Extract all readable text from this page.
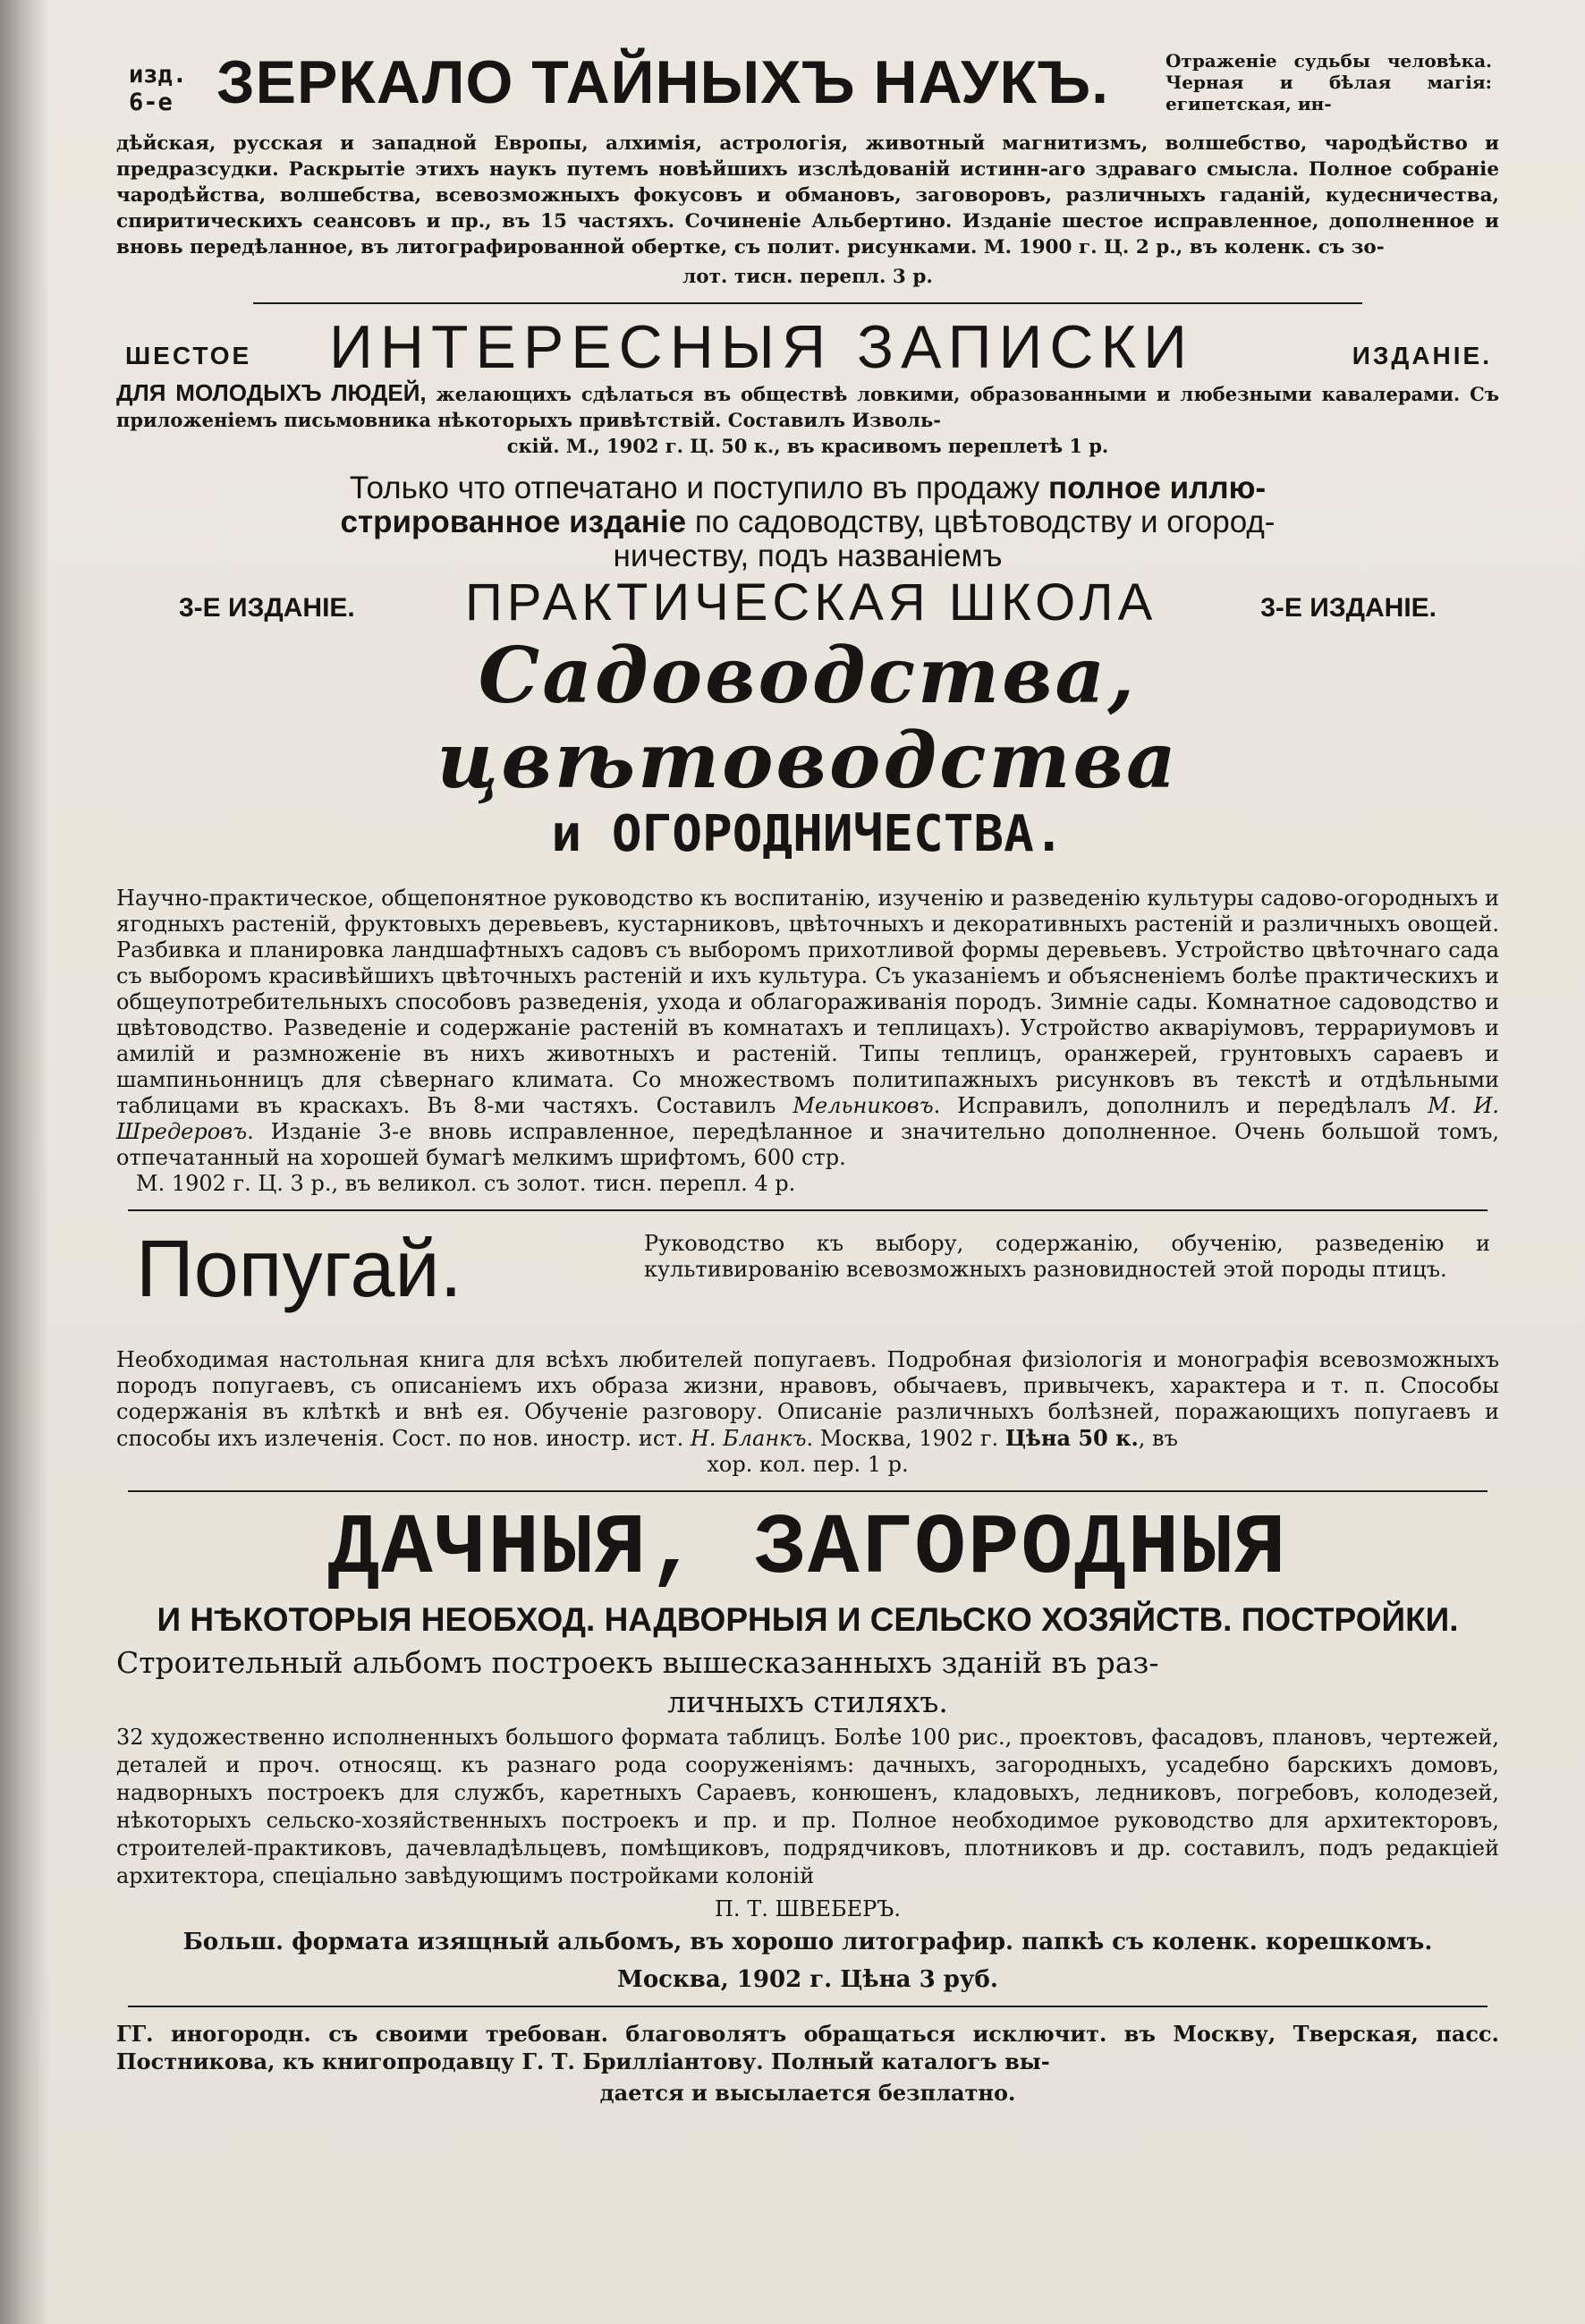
изд.
6-е ЗЕРКАЛО ТАЙНЫХЪ НАУКЪ.	Отраженіе судьбы человѣка. Черная и бѣлая магія: египетская, ин-
дѣйская, русская и западной Европы, алхимія, астрологія, животный магнитизмъ, волшебство, чародѣйство и предразсудки. Раскрытіе этихъ наукъ путемъ новѣйшихъ изслѣдованій истинн-аго здраваго смысла. Полное собраніе чародѣйства, волшебства, всевозможныхъ фокусовъ и обмановъ, заговоровъ, различныхъ гаданій, кудесничества, спиритическихъ сеансовъ и пр., въ 15 частяхъ. Сочиненіе Альбертино. Изданіе шестое исправленное, дополненное и вновь передѣланное, въ литографированной обертке, съ полит. рисунками. М. 1900 г. Ц. 2 р., въ коленк. съ зо-
лот. тисн. перепл. 3 р.
ШЕСТОЕ ИНТЕРЕСНЫЯ ЗАПИСКИ	ИЗДАНІЕ.
ДЛЯ МОЛОДЫХЪ ЛЮДЕЙ, желающихъ сдѣлаться въ обществѣ ловкими, образованными и любезными кавалерами. Съ приложеніемъ письмовника нѣкоторыхъ привѣтствій. Составилъ Изволь-
скій. М., 1902 г. Ц. 50 к., въ красивомъ переплетѣ 1 р.
Только что отпечатано и поступило въ продажу полное иллю-
стрированное изданіе по садоводству, цвѣтоводству и огород-
ничеству, подъ названіемъ
3-Е ИЗДАНІЕ. ПРАКТИЧЕСКАЯ ШКОЛА	3-Е ИЗДАНІЕ.
Садоводства, цвѣтоводства
и ОГОРОДНИЧЕСТВА.
Научно-практическое, общепонятное руководство къ воспитанію, изученію и разведенію культуры садово-огородныхъ и ягодныхъ растеній, фруктовыхъ деревьевъ, кустарниковъ, цвѣточныхъ и декоративныхъ растеній и различныхъ овощей. Разбивка и планировка ландшафтныхъ садовъ съ выборомъ прихотливой формы деревьевъ. Устройство цвѣточнаго сада съ выборомъ красивѣйшихъ цвѣточныхъ растеній и ихъ культура. Съ указаніемъ и объясненіемъ болѣе практическихъ и общеупотребительныхъ способовъ разведенія, ухода и облагораживанія породъ. Зимніе сады. Комнатное садоводство и цвѣтоводство. Разведеніе и содержаніе растеній въ комнатахъ и теплицахъ). Устройство акваріумовъ, террариумовъ и амилій и размноженіе въ нихъ животныхъ и растеній. Типы теплицъ, оранжерей, грунтовыхъ сараевъ и шампиньонницъ для сѣвернаго климата. Со множествомъ политипажныхъ рисунковъ въ текстѣ и отдѣльными таблицами въ краскахъ. Въ 8-ми частяхъ. Составилъ Мельниковъ. Исправилъ, дополнилъ и передѣлалъ М. И. Шредеровъ. Изданіе 3-е вновь исправленное, передѣланное и значительно дополненное. Очень большой томъ, отпечатанный на хорошей бумагѣ мелкимъ шрифтомъ, 600 стр.
М. 1902 г. Ц. 3 р., въ великол. съ золот. тисн. перепл. 4 р.
Попугай.	Руководство къ выбору, содержанію, обученію, разведенію и культивированію всевозможныхъ разновидностей этой породы птицъ.
Необходимая настольная книга для всѣхъ любителей попугаевъ. Подробная физіологія и монографія всевозможныхъ породъ попугаевъ, съ описаніемъ ихъ образа жизни, нравовъ, обычаевъ, привычекъ, характера и т. п. Способы содержанія въ клѣткѣ и внѣ ея. Обученіе разговору. Описаніе различныхъ болѣзней, поражающихъ попугаевъ и способы ихъ излеченія. Сост. по нов. иностр. ист. Н. Бланкъ. Москва, 1902 г. Цѣна 50 к., въ
хор. кол. пер. 1 р.
ДАЧНЫЯ, ЗАГОРОДНЫЯ
И НѢКОТОРЫЯ НЕОБХОД. НАДВОРНЫЯ И СЕЛЬСКО ХОЗЯЙСТВ. ПОСТРОЙКИ.
Строительный альбомъ построекъ вышесказанныхъ зданій въ раз-
личныхъ стиляхъ.
32 художественно исполненныхъ большого формата таблицъ. Болѣе 100 рис., проектовъ, фасадовъ, плановъ, чертежей, деталей и проч. относящ. къ разнаго рода сооруженіямъ: дачныхъ, загородныхъ, усадебно барскихъ домовъ, надворныхъ построекъ для службъ, каретныхъ Сараевъ, конюшенъ, кладовыхъ, ледниковъ, погребовъ, колодезей, нѣкоторыхъ сельско-хозяйственныхъ построекъ и пр. и пр. Полное необходимое руководство для архитекторовъ, строителей-практиковъ, дачевладѣльцевъ, помѣщиковъ, подрядчиковъ, плотниковъ и др. составилъ, подъ редакціей архитектора, спеціально завѣдующимъ постройками колоній
П. Т. ШВЕБЕРЪ.
Больш. формата изящный альбомъ, въ хорошо литографир. папкѣ съ коленк. корешкомъ.
Москва, 1902 г. Цѣна 3 руб.
ГГ. иногородн. съ своими требован. благоволятъ обращаться исключит. въ Москву, Тверская, пасс. Постникова, къ книгопродавцу Г. Т. Бриллiантову. Полный каталогъ вы-
дается и высылается безплатно.
